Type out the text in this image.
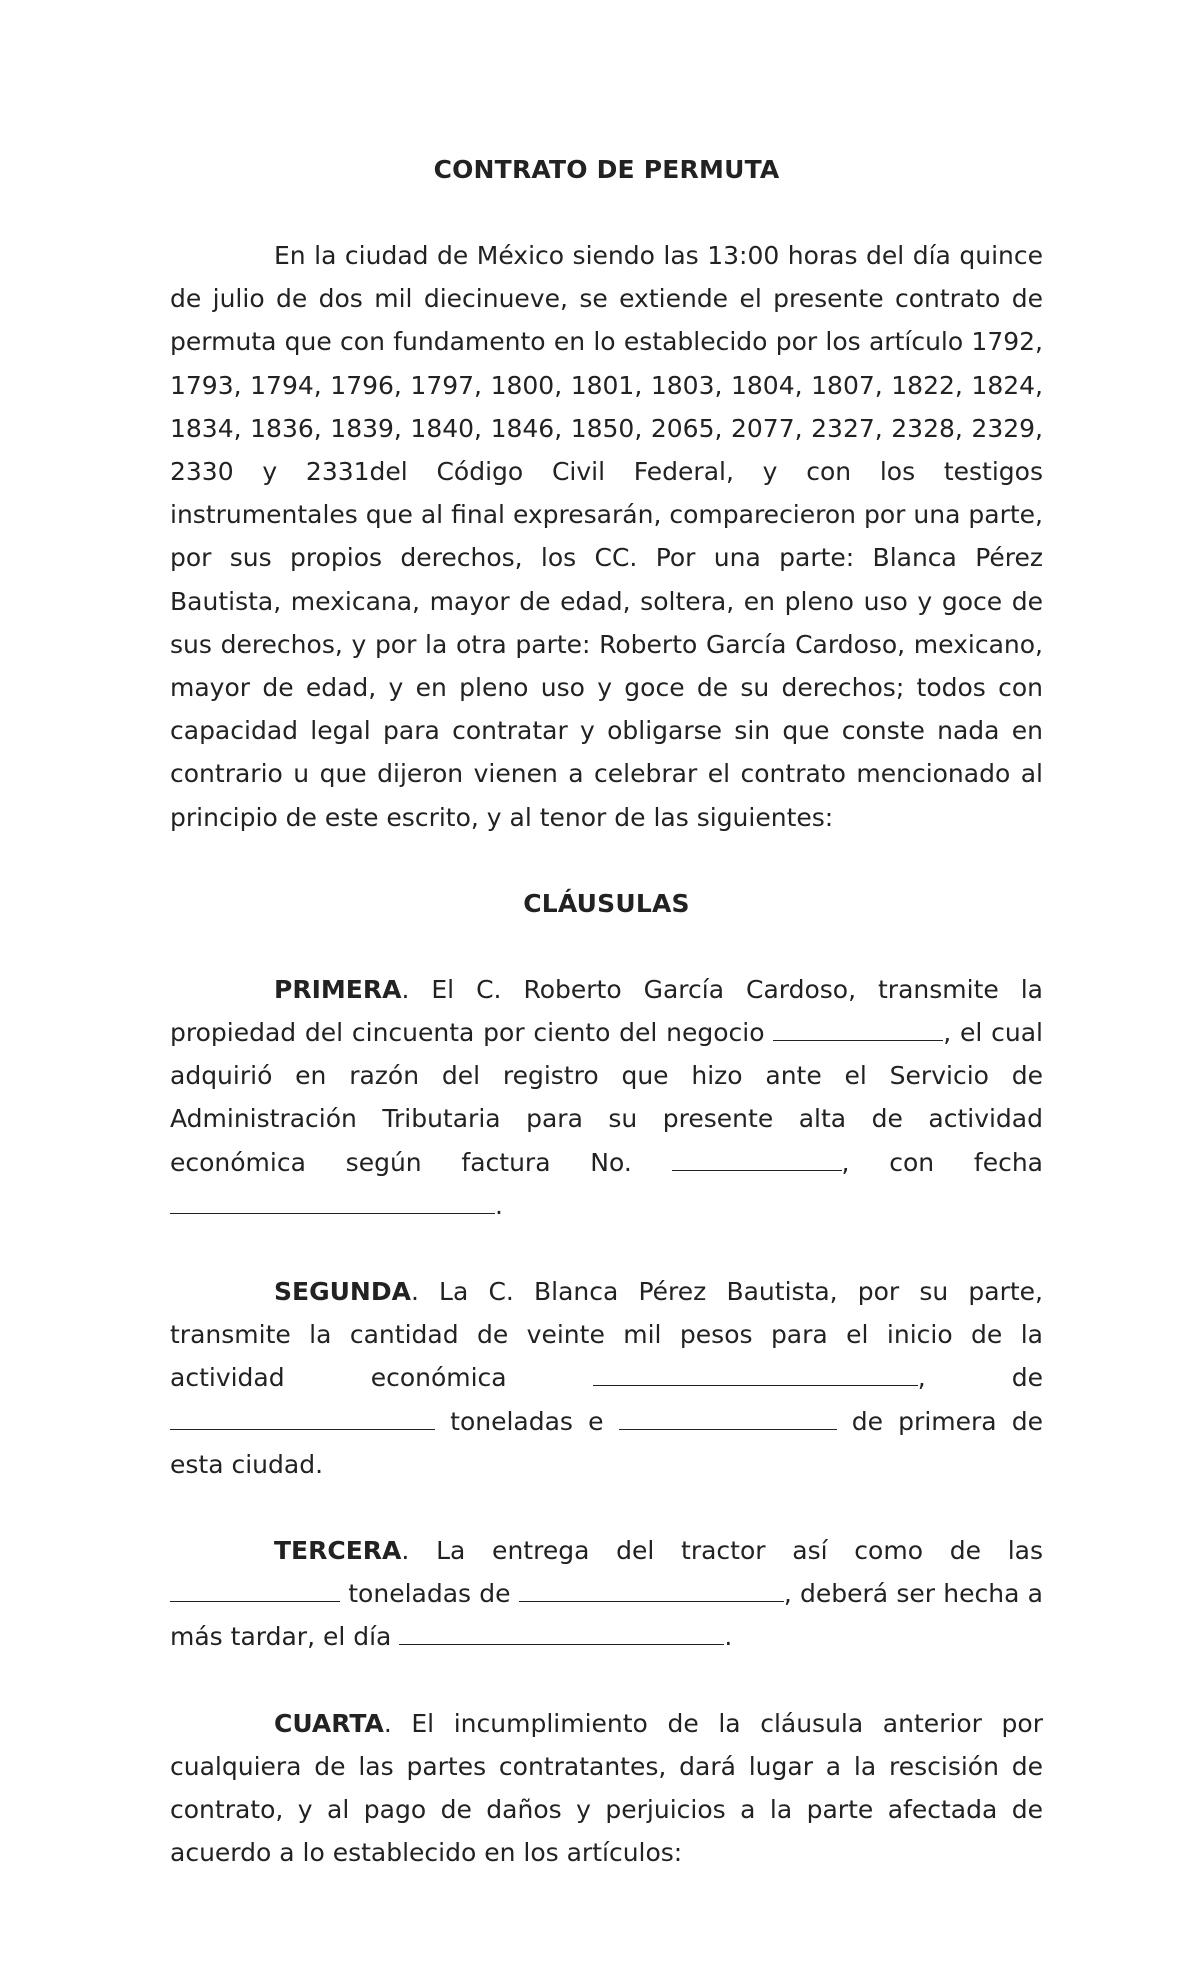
CONTRATO DE PERMUTA

En la ciudad de México siendo las 13:00 horas del día quince de julio de dos mil diecinueve, se extiende el presente contrato de permuta que con fundamento en lo establecido por los artículo 1792, 1793, 1794, 1796, 1797, 1800, 1801, 1803, 1804, 1807, 1822, 1824, 1834, 1836, 1839, 1840, 1846, 1850, 2065, 2077, 2327, 2328, 2329, 2330 y 2331del Código Civil Federal, y con los testigos instrumentales que al final expresarán, comparecieron por una parte, por sus propios derechos, los CC. Por una parte: Blanca Pérez Bautista, mexicana, mayor de edad, soltera, en pleno uso y goce de sus derechos, y por la otra parte: Roberto García Cardoso, mexicano, mayor de edad, y en pleno uso y goce de su derechos; todos con capacidad legal para contratar y obligarse sin que conste nada en contrario u que dijeron vienen a celebrar el contrato mencionado al principio de este escrito, y al tenor de las siguientes:

CLÁUSULAS

PRIMERA. El C. Roberto García Cardoso, transmite la propiedad del cincuenta por ciento del negocio	, el cual adquirió en razón del registro que hizo ante el Servicio de Administración Tributaria para su presente alta de actividad económica según factura No.	, con fecha .

SEGUNDA. La C. Blanca Pérez Bautista, por su parte, transmite la cantidad de veinte mil pesos para el inicio de la actividad económica	, de  toneladas e	de primera de esta ciudad.

TERCERA. La entrega del tractor así como de las  toneladas de	, deberá ser hecha a más tardar, el día	.

CUARTA. El incumplimiento de la cláusula anterior por cualquiera de las partes contratantes, dará lugar a la rescisión de contrato, y al pago de daños y perjuicios a la parte afectada de acuerdo a lo establecido en los artículos:
